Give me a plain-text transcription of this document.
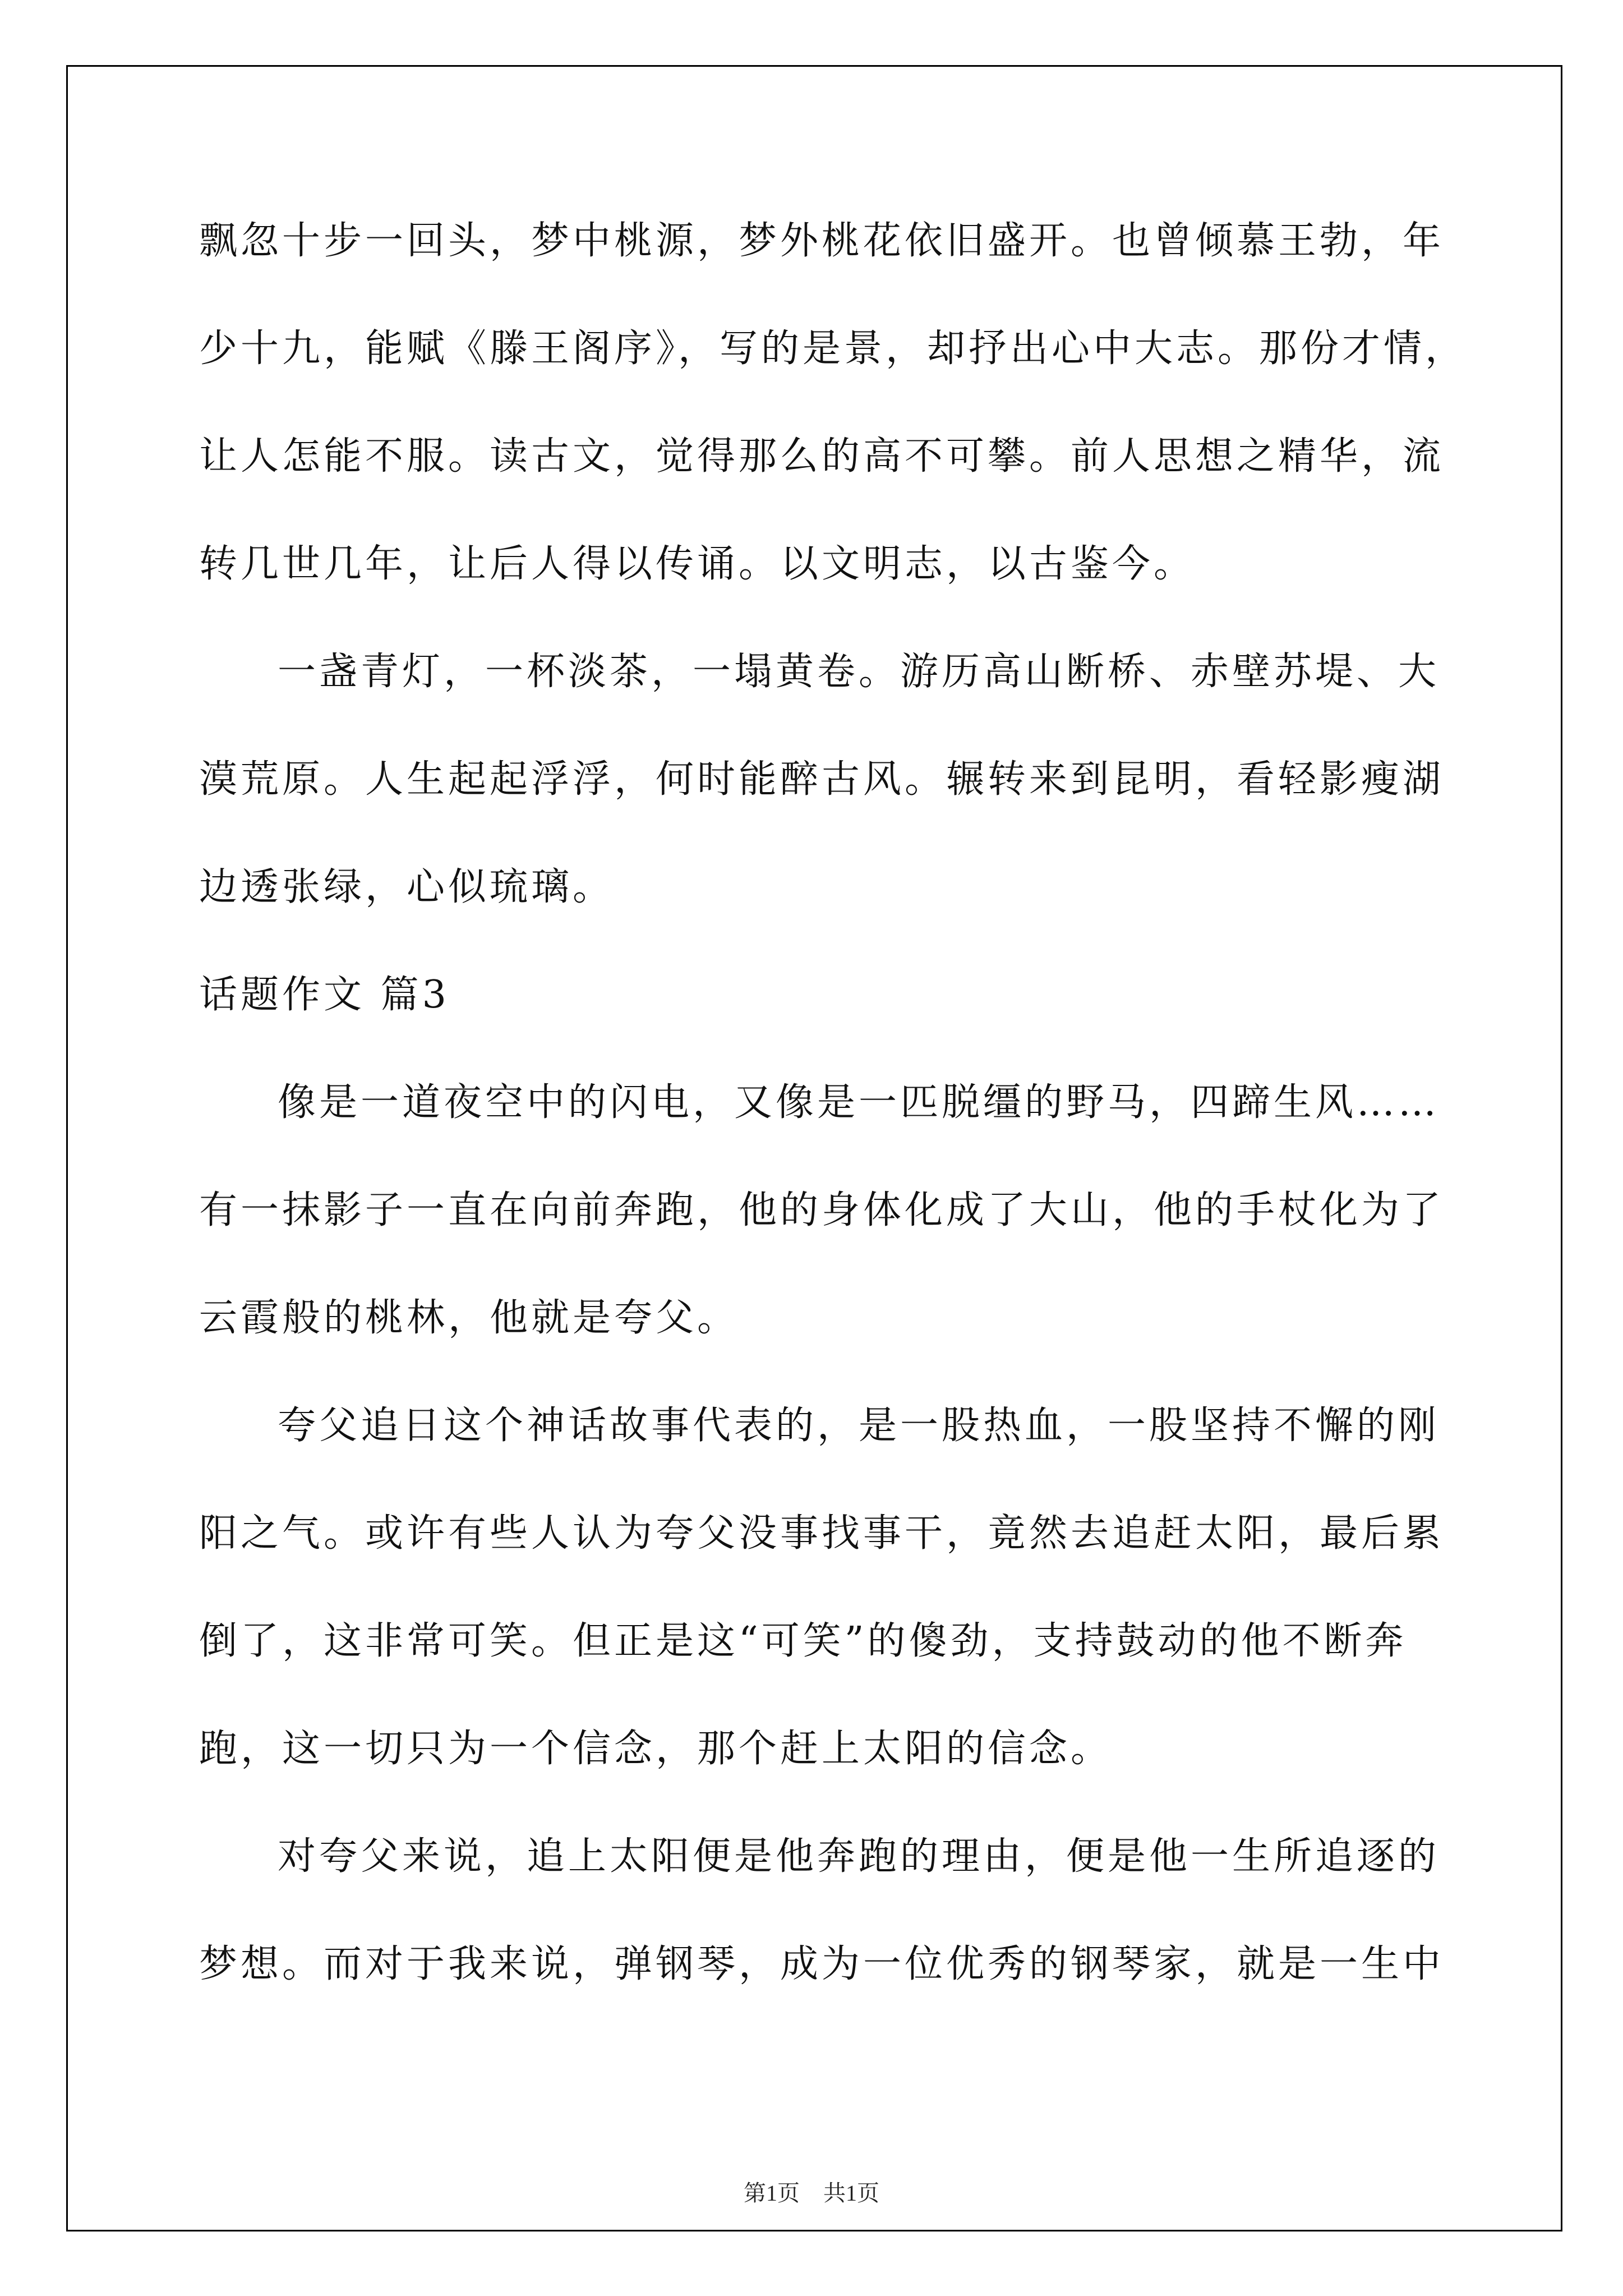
飘忽十步一回头，梦中桃源，梦外桃花依旧盛开。也曾倾慕王勃，年
少十九，能赋《滕王阁序》，写的是景，却抒出心中大志。那份才情，
让人怎能不服。读古文，觉得那么的高不可攀。前人思想之精华，流
转几世几年，让后人得以传诵。以文明志，以古鉴今。
一盏青灯，一杯淡茶，一塌黄卷。游历高山断桥、赤壁苏堤、大
漠荒原。人生起起浮浮，何时能醉古风。辗转来到昆明，看轻影瘦湖
边透张绿，心似琉璃。
话题作文 篇3
像是一道夜空中的闪电，又像是一匹脱缰的野马，四蹄生风……
有一抹影子一直在向前奔跑，他的身体化成了大山，他的手杖化为了
云霞般的桃林，他就是夸父。
夸父追日这个神话故事代表的，是一股热血，一股坚持不懈的刚
阳之气。或许有些人认为夸父没事找事干，竟然去追赶太阳，最后累
倒了，这非常可笑。但正是这“可笑”的傻劲，支持鼓动的他不断奔
跑，这一切只为一个信念，那个赶上太阳的信念。
对夸父来说，追上太阳便是他奔跑的理由，便是他一生所追逐的
梦想。而对于我来说，弹钢琴，成为一位优秀的钢琴家，就是一生中
第1页 共1页
